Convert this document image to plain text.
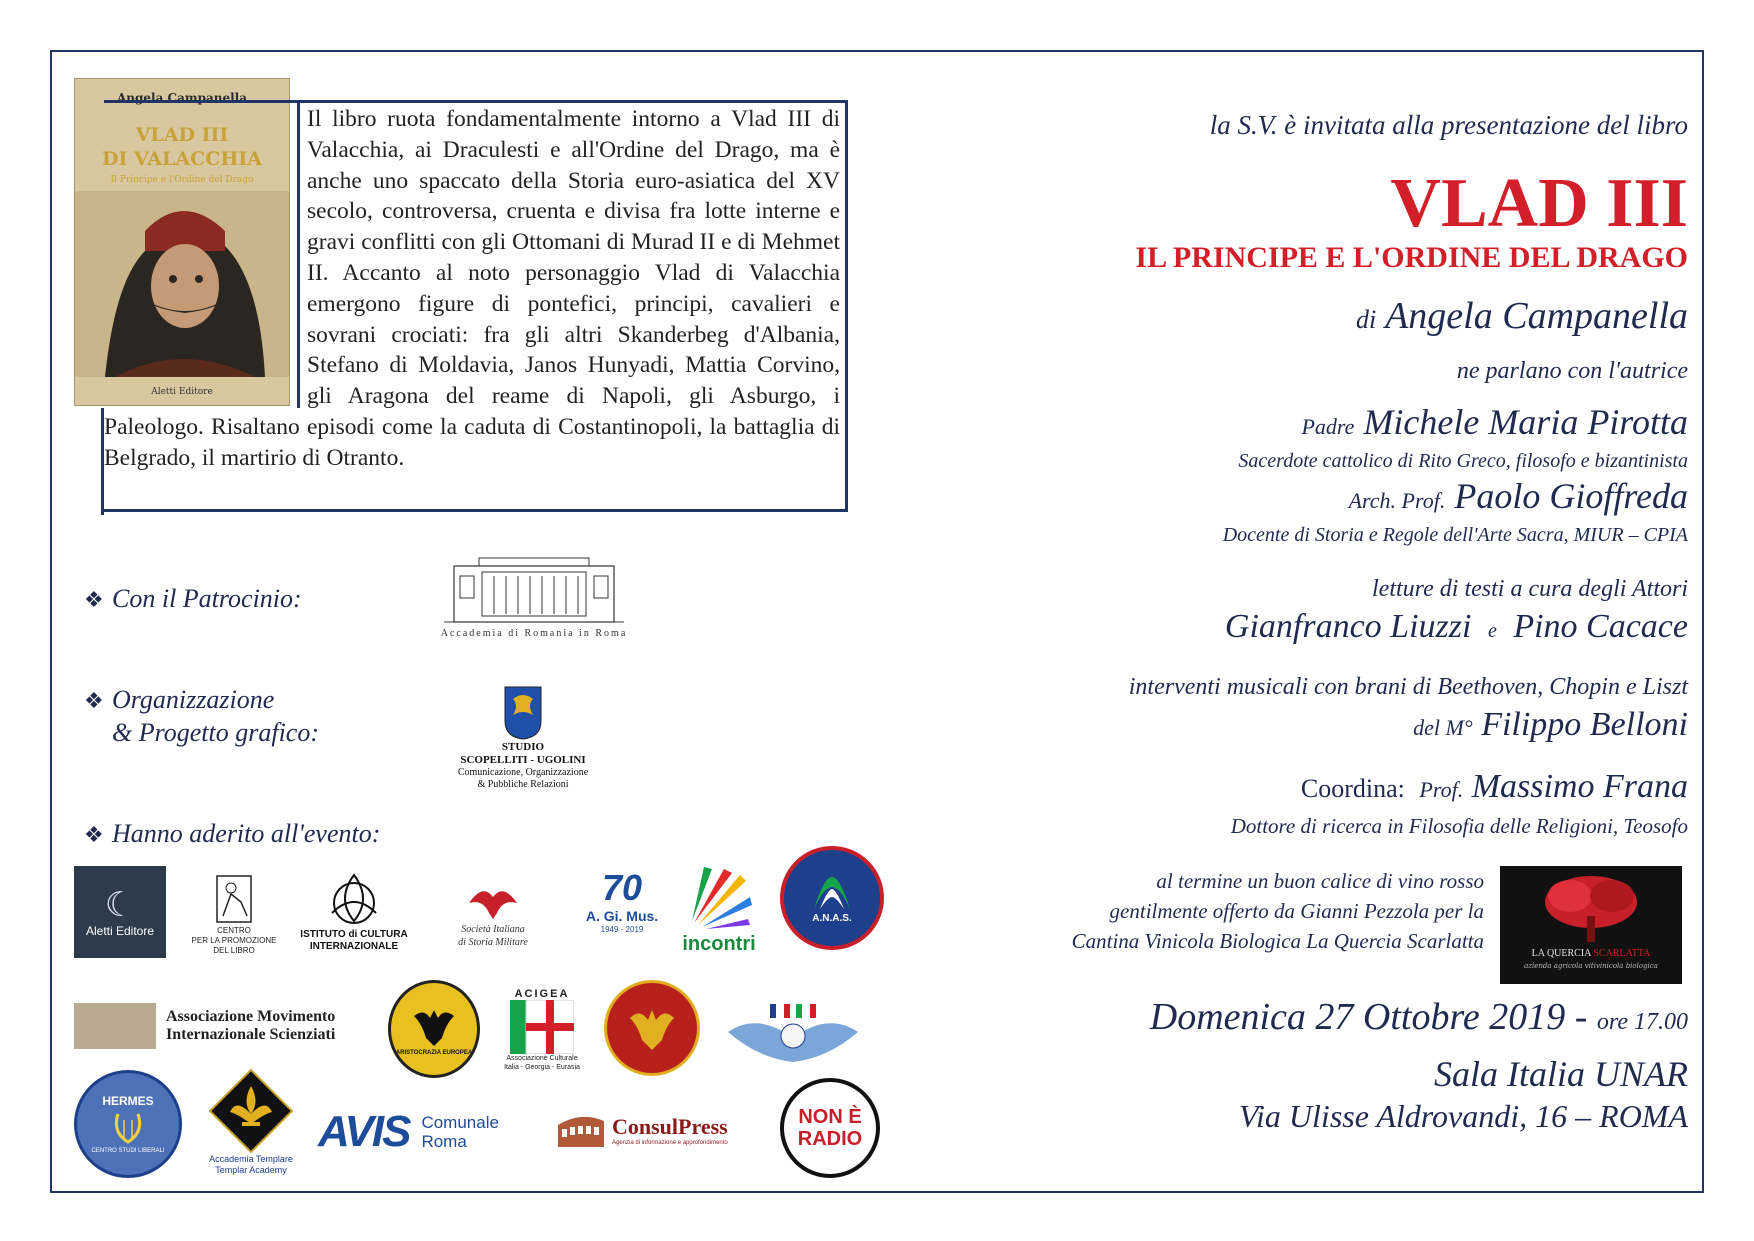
Angela Campanella
VLAD III
DI VALACCHIA
Il Principe e l'Ordine del Drago
Aletti Editore
Il libro ruota fondamentalmente intorno a Vlad III di Valacchia, ai Draculesti e all'Ordine del Drago, ma è anche uno spaccato della Storia euro-asiatica del XV secolo, controversa, cruenta e divisa fra lotte interne e gravi conflitti con gli Ottomani di Murad II e di Mehmet II. Accanto al noto personaggio Vlad di Valacchia emergono figure di pontefici, principi, cavalieri e sovrani crociati: fra gli altri Skanderbeg d'Albania, Stefano di Moldavia, Janos Hunyadi, Mattia Corvino, gli Aragona del reame di Napoli, gli Asburgo, i Paleologo. Risaltano episodi come la caduta di Costantinopoli, la battaglia di Belgrado, il martirio di Otranto.
❖ Con il Patrocinio:
Accademia di Romania in Roma
❖ Organizzazione
& Progetto grafico:	STUDIO
SCOPELLITI - UGOLINI
Comunicazione, Organizzazione
& Pubbliche Relazioni
❖ Hanno aderito all'evento:
☾
Aletti Editore	CENTRO
PER LA PROMOZIONE
DEL LIBRO
ISTITUTO di CULTURA
INTERNAZIONALE
Società Italiana
di Storia Militare
70
A. Gi. Mus.
1949 - 2019
incontri
A.N.A.S.
Associazione Movimento
Internazionale Scienziati
ARISTOCRAZIA EUROPEA
ACIGEA
Associazione Culturale
Italia - Georgia - Eurasia
HERMES
CENTRO STUDI LIBERALI
Accademia Templare
Templar Academy
AVIS Comunale
Roma
ConsulPress
Agenzia di informazione e approfondimento
NON È
RADIO
la S.V. è invitata alla presentazione del libro
VLAD III
IL PRINCIPE E L'ORDINE DEL DRAGO
di Angela Campanella
ne parlano con l'autrice
Padre Michele Maria Pirotta
Sacerdote cattolico di Rito Greco, filosofo e bizantinista
Arch. Prof. Paolo Gioffreda
Docente di Storia e Regole dell'Arte Sacra, MIUR – CPIA
letture di testi a cura degli Attori
Gianfranco Liuzzi e Pino Cacace
interventi musicali con brani di Beethoven, Chopin e Liszt
del M° Filippo Belloni
Coordina: Prof. Massimo Frana
Dottore di ricerca in Filosofia delle Religioni, Teosofo
al termine un buon calice di vino rosso
gentilmente offerto da Gianni Pezzola per la
Cantina Vinicola Biologica La Quercia Scarlatta
LA QUERCIA SCARLATTA
azienda agricola vitivinicola biologica
Domenica 27 Ottobre 2019 - ore 17.00
Sala Italia UNAR
Via Ulisse Aldrovandi, 16 – ROMA
